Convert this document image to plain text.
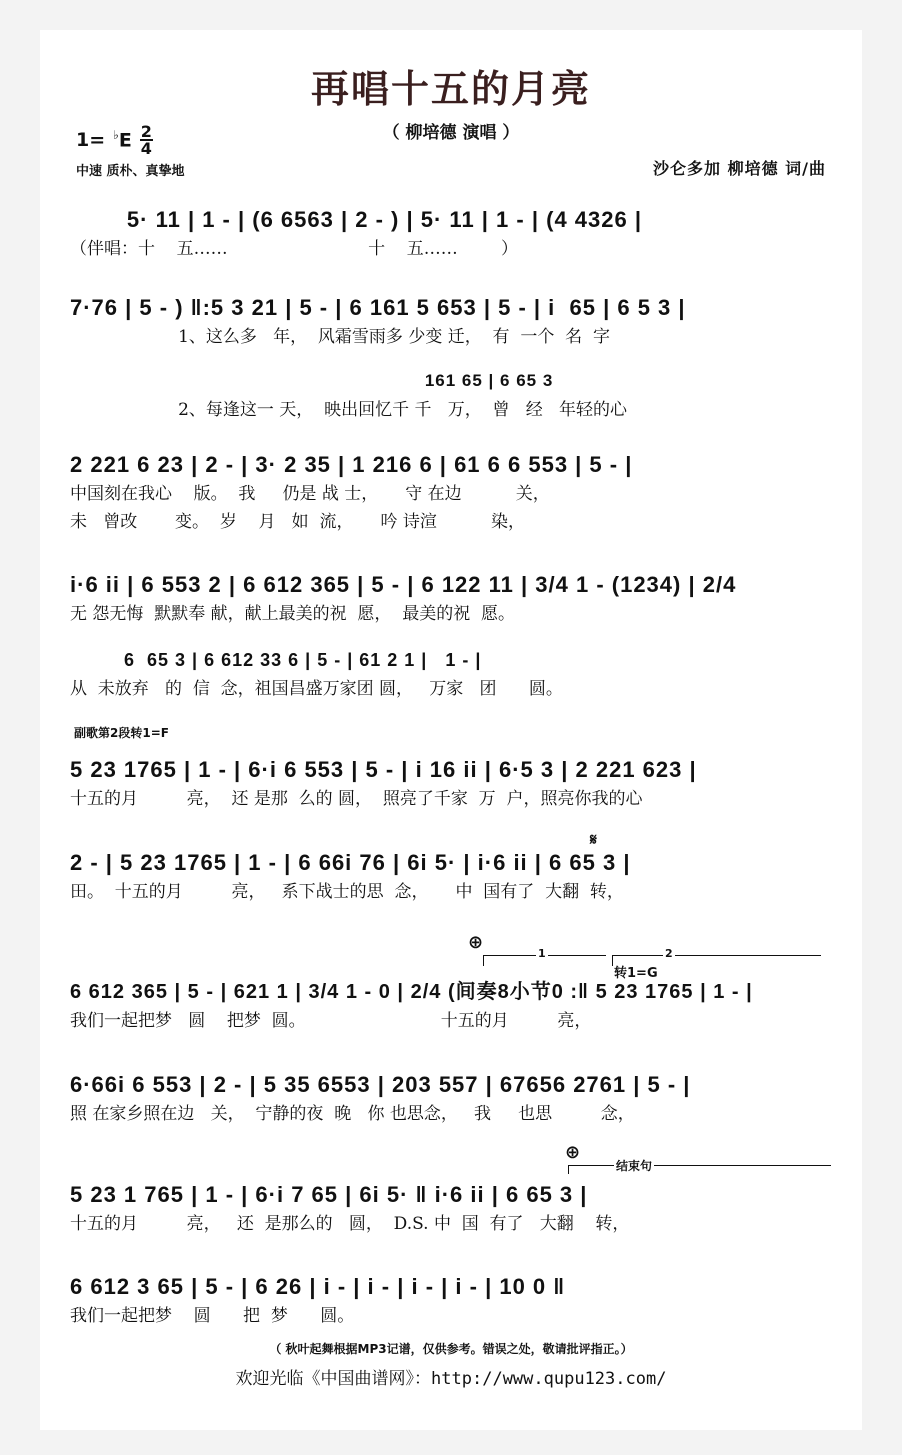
再唱十五的月亮
（ 柳培德 演唱 ）
$1= ^♭E \frac{2}{4}$
中速 质朴、真挚地	沙仑多加 柳培德 词/曲
5· 11 | 1 - | (6 6563 | 2 - ) | 5· 11 | 1 - | (4 4326 |
（伴唱：十    五……                          十    五……        ）
7·76 | 5 - ) ‖:5 3 21 | 5 - | 6 161 5 653 | 5 - | i  65 | 6 5 3 |
1、这么多   年，  风霜雪雨多 少变 迁，  有  一个  名  字
161 65 | 6 65 3
2、每逢这一 天，  映出回忆千 千   万，  曾   经   年轻的心
2 221 6 23 | 2 - | 3· 2 35 | 1 216 6 | 61 6 6 553 | 5 - |
中国刻在我心    版。  我     仍是 战 士，     守 在边          关，
未   曾改       变。  岁    月   如  流，     吟 诗渲          染，
i·6 ii | 6 553 2 | 6 612 365 | 5 - | 6 122 11 | 3/4 1 - (1234) | 2/4
无 怨无悔  默默奉 献，献上最美的祝  愿，  最美的祝  愿。
6  65 3 | 6 612 33 6 | 5 - | 61 2 1 |   1 - |
从  未放弃   的  信  念，祖国昌盛万家团 圆，   万家   团      圆。
副歌第2段转1=F
5 23 1765 | 1 - | 6·i 6 553 | 5 - | i 16 ii | 6·5 3 | 2 221 623 |
十五的月         亮，  还 是那  么的 圆，  照亮了千家  万  户，照亮你我的心
𝄋
2 - | 5 23 1765 | 1 - | 6 66i 76 | 6i 5· | i·6 ii | 6 65 3 |
田。  十五的月         亮，   系下战士的思  念，     中  国有了  大翻  转，
⊕
1	2
转1=G
6 612 365 | 5 - | 621 1 | 3/4 1 - 0 | 2/4 (间奏8小节0 :‖ 5 23 1765 | 1 - |
我们一起把梦   圆    把梦  圆。                         十五的月         亮，
6·66i 6 553 | 2 - | 5 35 6553 | 203 557 | 67656 2761 | 5 - |
照 在家乡照在边   关，  宁静的夜  晚   你 也思念，   我     也思         念，
⊕
结束句
5 23 1 765 | 1 - | 6·i 7 65 | 6i 5· ‖ i·6 ii | 6 65 3 |
十五的月         亮，   还  是那么的   圆，  D.S. 中  国  有了   大翻    转，
6 612 3 65 | 5 - | 6 26 | i - | i - | i - | i - | 10 0 ‖
我们一起把梦    圆      把  梦      圆。
（ 秋叶起舞根据MP3记谱，仅供参考。错误之处，敬请批评指正。）
欢迎光临《中国曲谱网》：http://www.qupu123.com/
